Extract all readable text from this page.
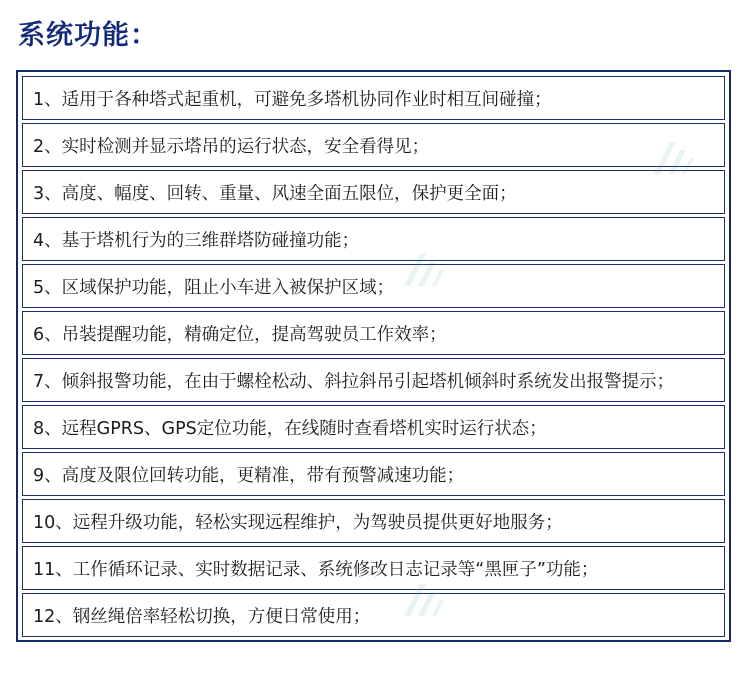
系统功能：
1、适用于各种塔式起重机，可避免多塔机协同作业时相互间碰撞；
2、实时检测并显示塔吊的运行状态，安全看得见；
3、高度、幅度、回转、重量、风速全面五限位，保护更全面；
4、基于塔机行为的三维群塔防碰撞功能；
5、区域保护功能，阻止小车进入被保护区域；
6、吊装提醒功能，精确定位，提高驾驶员工作效率；
7、倾斜报警功能，在由于螺栓松动、斜拉斜吊引起塔机倾斜时系统发出报警提示；
8、远程GPRS、GPS定位功能，在线随时查看塔机实时运行状态；
9、高度及限位回转功能，更精准，带有预警减速功能；
10、远程升级功能，轻松实现远程维护，为驾驶员提供更好地服务；
11、工作循环记录、实时数据记录、系统修改日志记录等“黑匣子”功能；
12、钢丝绳倍率轻松切换，方便日常使用；
